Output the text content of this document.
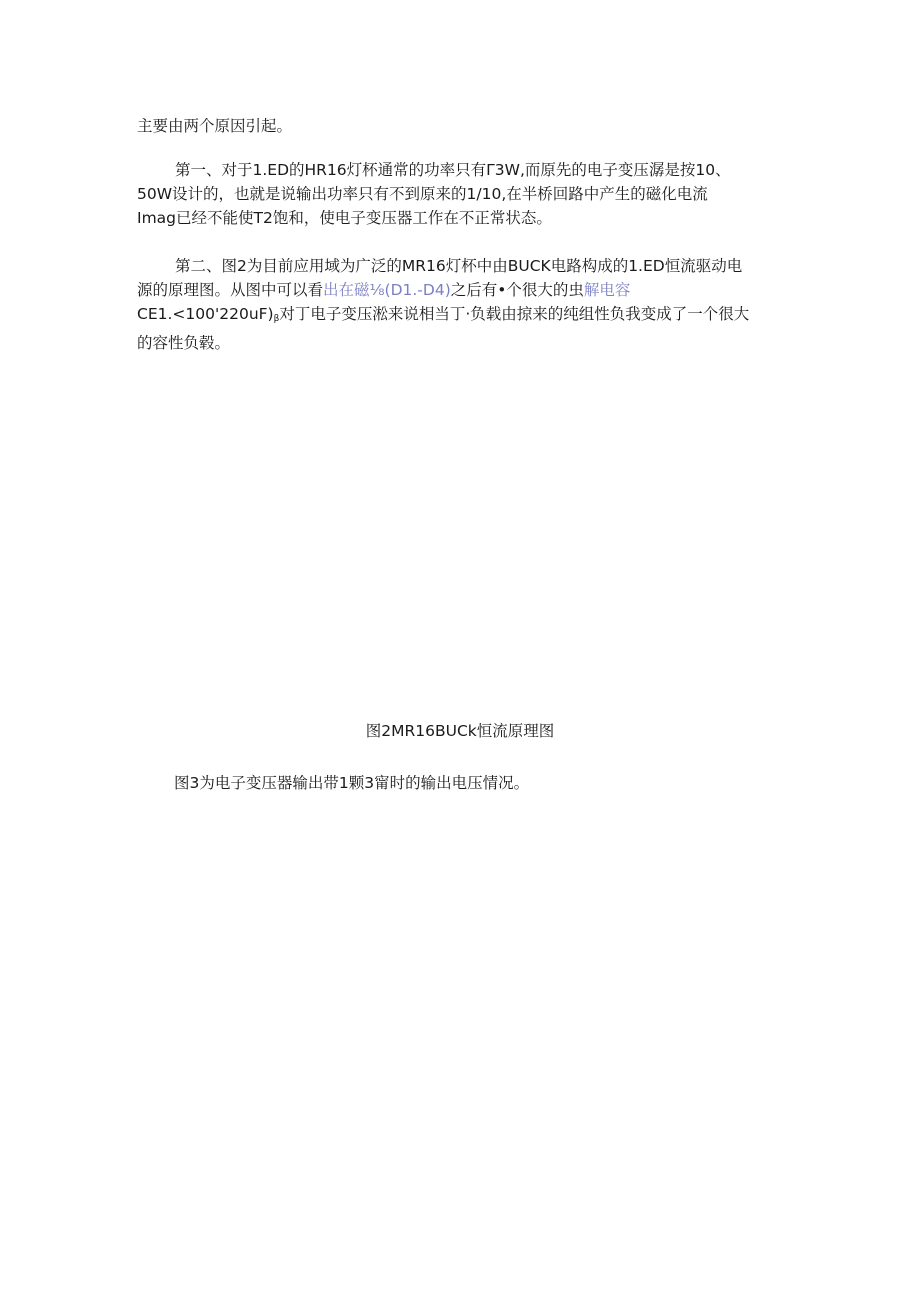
主要由两个原因引起。

第一、对于1.ED的HR16灯杯通常的功率只有Γ3W,而原先的电子变压潺是按10、
50W设计的，也就是说输出功率只有不到原来的1/10,在半桥回路中产生的磁化电流
Imag已经不能使T2饱和，使电子变压器工作在不正常状态。

第二、图2为目前应用域为广泛的MR16灯杯中由BUCK电路构成的1.ED恒流驱动电
源的原理图。从图中可以看出在磁⅛(D1.-D4)之后有•个很大的虫解电容
$CE1.<100'220uF)_\beta$对丁电子变压淞来说相当丁·负载由掠来的纯组性负我变成了一个很大
的容性负毂。

图2MR16BUCk恒流原理图
图3为电子变压器输出带1颗3甯时的输出电压情况。
